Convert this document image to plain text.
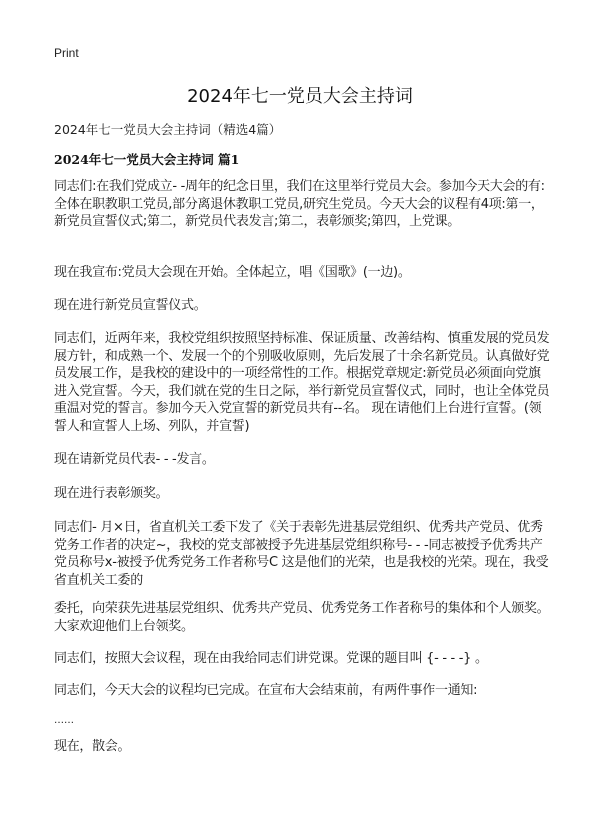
Print
2024年七一党员大会主持词
2024年七一党员大会主持词（精选4篇）
2024年七一党员大会主持词 篇1

同志们:在我们党成立- -周年的纪念日里，我们在这里举行党员大会。参加今天大会的有:全体在职教职工党员,部分离退休教职工党员,研究生党员。今天大会的议程有4项:第一，新党员宣誓仪式;第二，新党员代表发言;第二，表彰颁奖;第四，上党课。

现在我宣布:党员大会现在开始。全体起立，唱《国歌》(一边)。

现在进行新党员宣誓仪式。

同志们，近两年来，我校党组织按照坚持标准、保证质量、改善结构、慎重发展的党员发展方针，和成熟一个、发展一个的个别吸收原则，先后发展了十余名新党员。认真做好党员发展工作，是我校的建设中的一项经常性的工作。根据党章规定:新党员必须面向党旗进入党宣誓。今天，我们就在党的生日之际，举行新党员宣誓仪式，同时，也让全体党员重温对党的誓言。参加今天入党宣誓的新党员共有--名。 现在请他们上台进行宣誓。(领誓人和宣誓人上场、列队，并宣誓)

现在请新党员代表- - -发言。

现在进行表彰颁奖。

同志们- 月×日，省直机关工委下发了《关于表彰先进基层党组织、优秀共产党员、优秀党务工作者的决定~，我校的党支部被授予先进基层党组织称号- - -同志被授予优秀共产党员称号x-被授予优秀党务工作者称号C 这是他们的光荣，也是我校的光荣。现在，我受省直机关工委的

委托，向荣获先进基层党组织、优秀共产党员、优秀党务工作者称号的集体和个人颁奖。大家欢迎他们上台领奖。

同志们，按照大会议程，现在由我给同志们讲党课。党课的题目叫 {- - - -} 。

同志们，今天大会的议程均已完成。在宣布大会结束前，有两件事作一通知:

……

现在，散会。
